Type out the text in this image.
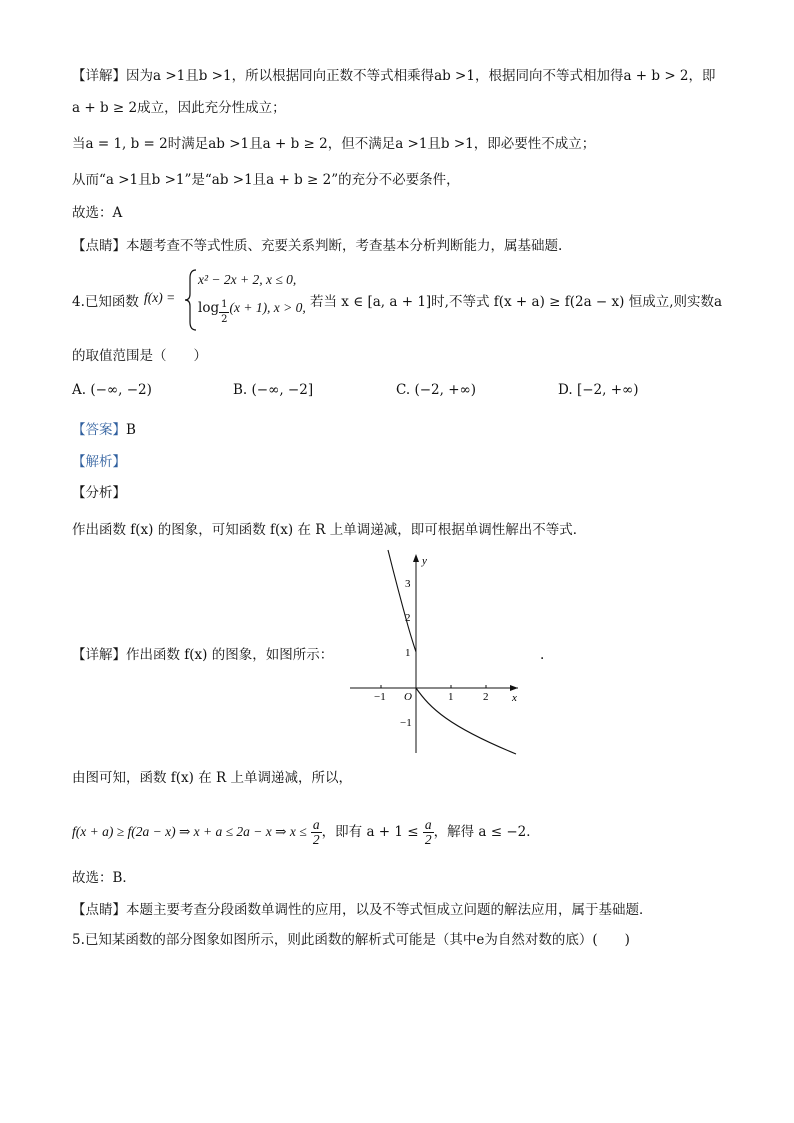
【详解】因为a >1且b >1，所以根据同向正数不等式相乘得ab >1，根据同向不等式相加得a + b > 2，即
a + b ≥ 2成立，因此充分性成立；
当a = 1, b = 2时满足ab >1且a + b ≥ 2，但不满足a >1且b >1，即必要性不成立；
从而“a >1且b >1”是“ab >1且a + b ≥ 2”的充分不必要条件，
故选：A
【点睛】本题考查不等式性质、充要关系判断，考查基本分析判断能力，属基础题.
4.已知函数 f(x) =
x² − 2x + 2, x ≤ 0,
$\log \frac{1}{2} (x + 1)$, x > 0, 若当 x ∈ [a, a + 1]时,不等式 f(x + a) ≥ f(2a − x) 恒成立,则实数a
的取值范围是（　　）
A. (−∞, −2)	B. (−∞, −2]	C. (−2, +∞)	D. [−2, +∞)
【答案】B
【解析】
【分析】
作出函数 f(x) 的图象，可知函数 f(x) 在 R 上单调递减，即可根据单调性解出不等式．
【详解】作出函数 f(x) 的图象，如图所示：
y
x
O
−1	1	2
3
2
1
−1
.
由图可知，函数 f(x) 在 R 上单调递减，所以，
f(x + a) ≥ f(2a − x) ⇒ x + a ≤ 2a − x ⇒ $x \le \frac{a}{2}$ ，即有 $a + 1 \le \frac{a}{2}$ ，解得 a ≤ −2．
故选：B．
【点睛】本题主要考查分段函数单调性的应用，以及不等式恒成立问题的解法应用，属于基础题．
5.已知某函数的部分图象如图所示，则此函数的解析式可能是（其中e为自然对数的底）(　　)
